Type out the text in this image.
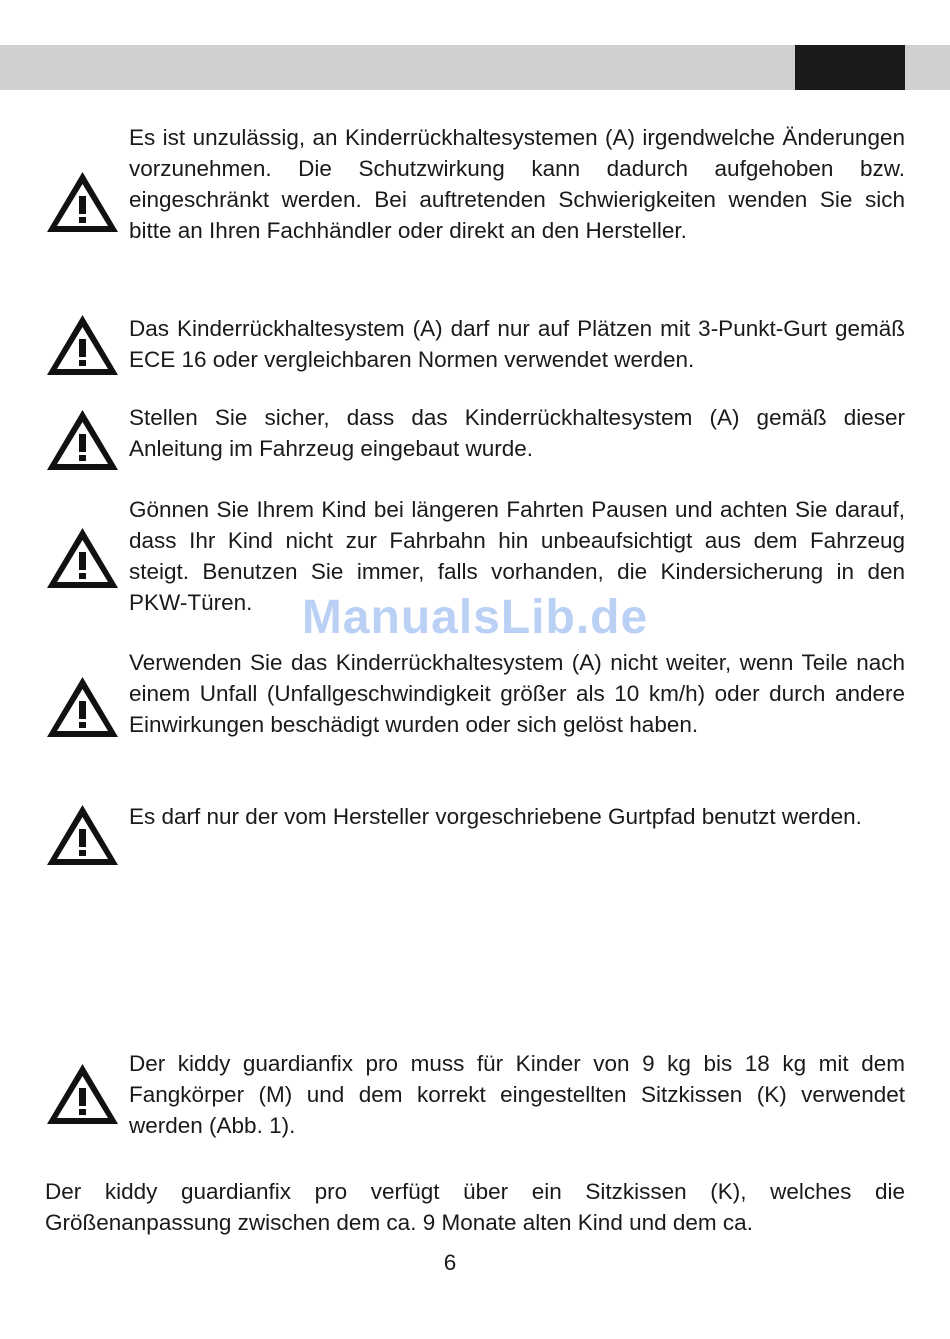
Es ist unzulässig, an Kinderrückhaltesystemen (A) irgendwelche Änderungen vorzunehmen. Die Schutzwirkung kann dadurch aufgehoben bzw. eingeschränkt werden. Bei auftretenden Schwierigkeiten wenden Sie sich bitte an Ihren Fachhändler oder direkt an den Hersteller.

Das Kinderrückhaltesystem (A) darf nur auf Plätzen mit 3-Punkt-Gurt gemäß ECE 16 oder vergleichbaren Normen verwendet werden.

Stellen Sie sicher, dass das Kinderrückhaltesystem (A) gemäß dieser Anleitung im Fahrzeug eingebaut wurde.

Gönnen Sie Ihrem Kind bei längeren Fahrten Pausen und achten Sie darauf, dass Ihr Kind nicht zur Fahrbahn hin unbeaufsichtigt aus dem Fahrzeug steigt. Benutzen Sie immer, falls vorhanden, die Kindersicherung in den PKW-Türen.

Verwenden Sie das Kinderrückhaltesystem (A) nicht weiter, wenn Teile nach einem Unfall (Unfallgeschwindigkeit größer als 10 km/h) oder durch andere Einwirkungen beschädigt wurden oder sich gelöst haben.

Es darf nur der vom Hersteller vorgeschriebene Gurtpfad benutzt werden.

Der kiddy guardianfix pro muss für Kinder von 9 kg bis 18 kg mit dem Fangkörper (M) und dem korrekt eingestellten Sitzkissen (K) verwendet werden (Abb. 1).

Der kiddy guardianfix pro verfügt über ein Sitzkissen (K), welches die Größenanpassung zwischen dem ca. 9 Monate alten Kind und dem ca.

ManualsLib.de
6
